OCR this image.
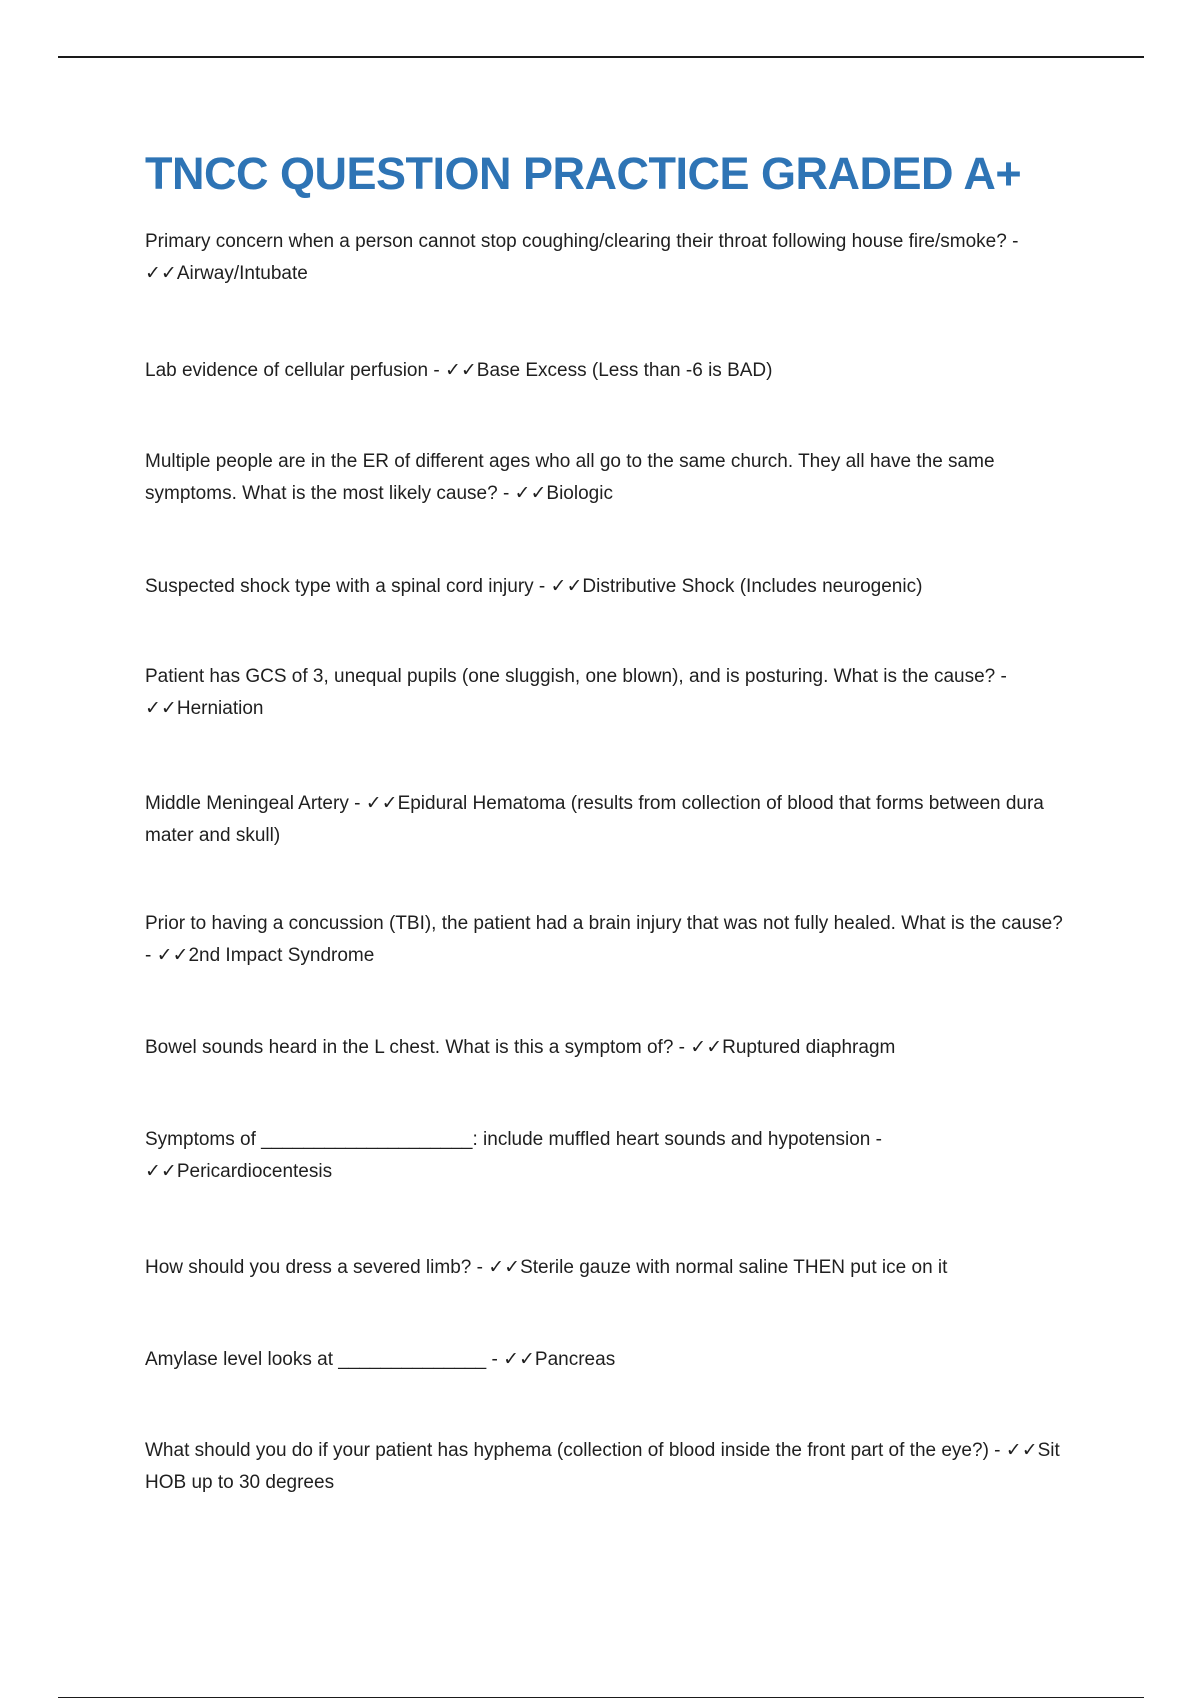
TNCC QUESTION PRACTICE GRADED A+

Primary concern when a person cannot stop coughing/clearing their throat following house fire/smoke? - ✓✓Airway/Intubate

Lab evidence of cellular perfusion - ✓✓Base Excess (Less than -6 is BAD)

Multiple people are in the ER of different ages who all go to the same church. They all have the same symptoms. What is the most likely cause? - ✓✓Biologic

Suspected shock type with a spinal cord injury - ✓✓Distributive Shock (Includes neurogenic)

Patient has GCS of 3, unequal pupils (one sluggish, one blown), and is posturing. What is the cause? - ✓✓Herniation

Middle Meningeal Artery - ✓✓Epidural Hematoma (results from collection of blood that forms between dura mater and skull)

Prior to having a concussion (TBI), the patient had a brain injury that was not fully healed. What is the cause? - ✓✓2nd Impact Syndrome

Bowel sounds heard in the L chest. What is this a symptom of? - ✓✓Ruptured diaphragm

Symptoms of ____________________: include muffled heart sounds and hypotension - ✓✓Pericardiocentesis

How should you dress a severed limb? - ✓✓Sterile gauze with normal saline THEN put ice on it

Amylase level looks at ______________ - ✓✓Pancreas

What should you do if your patient has hyphema (collection of blood inside the front part of the eye?) - ✓✓Sit HOB up to 30 degrees
